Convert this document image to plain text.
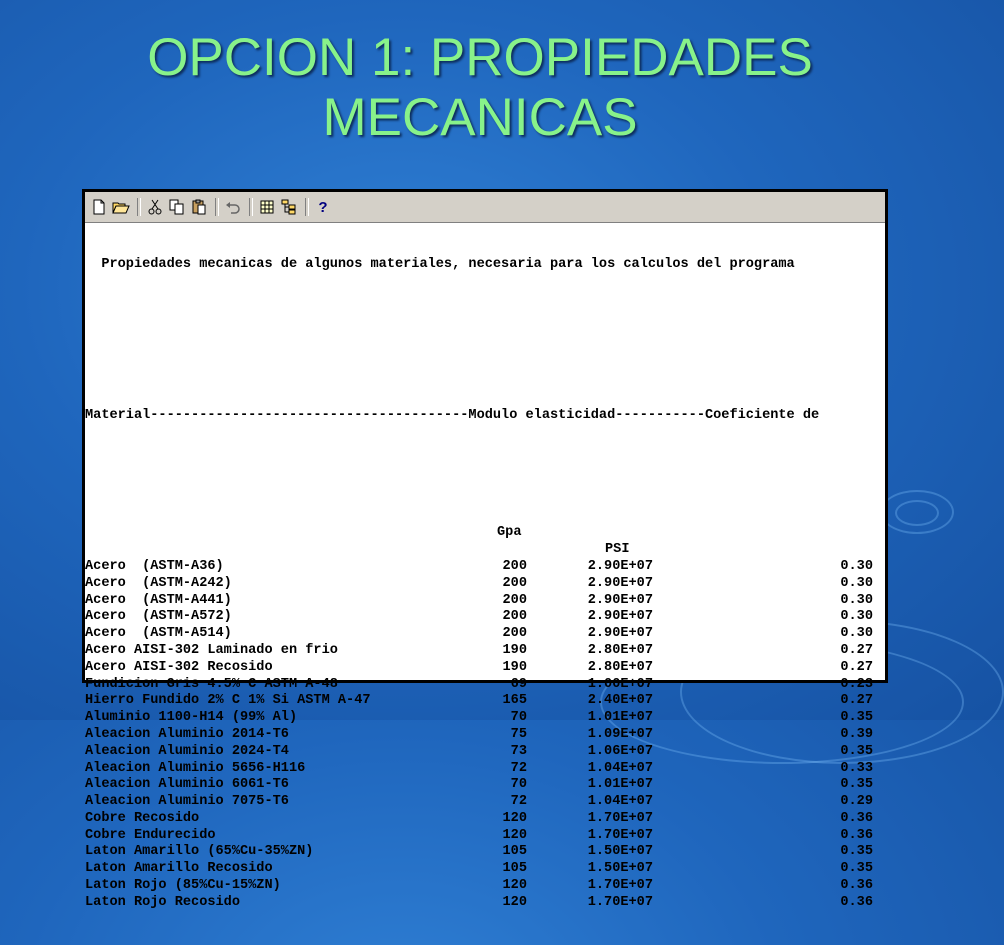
OPCION 1: PROPIEDADES
MECANICAS
?

Propiedades mecanicas de algunos materiales, necesaria para los calculos del programa

Material---------------------------------------Modulo elasticidad-----------Coeficiente de

Gpa

PSI

Acero  (ASTM-A36)	200	2.90E+07	0.30
Acero  (ASTM-A242)	200	2.90E+07	0.30
Acero  (ASTM-A441)	200	2.90E+07	0.30
Acero  (ASTM-A572)	200	2.90E+07	0.30
Acero  (ASTM-A514)	200	2.90E+07	0.30
Acero AISI-302 Laminado en frio	190	2.80E+07	0.27
Acero AISI-302 Recosido	190	2.80E+07	0.27
Fundicion Gris 4.5% C ASTM A-48	69	1.00E+07	0.23
Hierro Fundido 2% C 1% Si ASTM A-47	165	2.40E+07	0.27
Aluminio 1100-H14 (99% Al)	70	1.01E+07	0.35
Aleacion Aluminio 2014-T6	75	1.09E+07	0.39
Aleacion Aluminio 2024-T4	73	1.06E+07	0.35
Aleacion Aluminio 5656-H116	72	1.04E+07	0.33
Aleacion Aluminio 6061-T6	70	1.01E+07	0.35
Aleacion Aluminio 7075-T6	72	1.04E+07	0.29
Cobre Recosido	120	1.70E+07	0.36
Cobre Endurecido	120	1.70E+07	0.36
Laton Amarillo (65%Cu-35%ZN)	105	1.50E+07	0.35
Laton Amarillo Recosido	105	1.50E+07	0.35
Laton Rojo (85%Cu-15%ZN)	120	1.70E+07	0.36
Laton Rojo Recosido	120	1.70E+07	0.36
